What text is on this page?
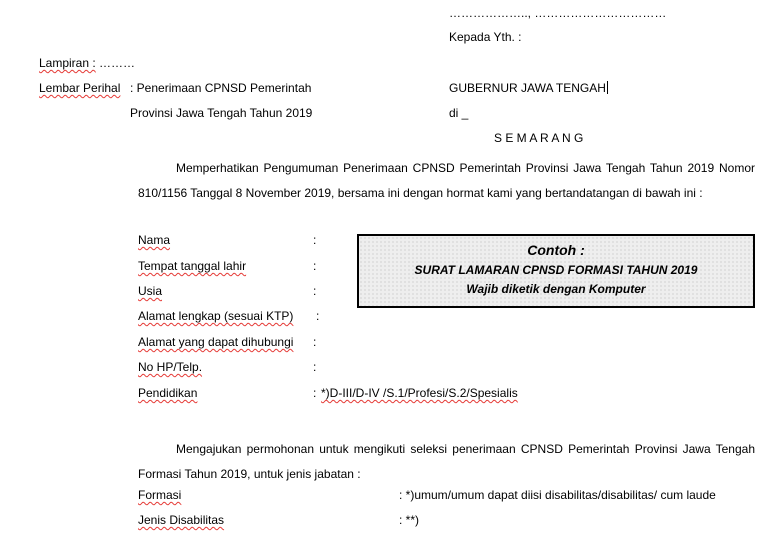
……………….., ……………………………
Kepada Yth. :
Lampiran : ………
Lembar Perihal : Penerimaan CPNSD Pemerintah
Provinsi Jawa Tengah Tahun 2019
GUBERNUR JAWA TENGAH
di _
S E M A R A N G
Memperhatikan Pengumuman Penerimaan CPNSD Pemerintah Provinsi Jawa Tengah Tahun 2019 Nomor 810/1156 Tanggal 8 November 2019, bersama ini dengan hormat kami yang bertandatangan di bawah ini :
Nama	:
Tempat tanggal lahir	:
Usia	:
Alamat lengkap (sesuai KTP) :
Alamat yang dapat dihubungi :
No HP/Telp.	:
Pendidikan	: *)D-III/D-IV /S.1/Profesi/S.2/Spesialis
Contoh :
SURAT LAMARAN CPNSD FORMASI TAHUN 2019
Wajib diketik dengan Komputer
Mengajukan permohonan untuk mengikuti seleksi penerimaan CPNSD Pemerintah Provinsi Jawa Tengah Formasi Tahun 2019, untuk jenis jabatan :
Formasi	: *)umum/umum dapat diisi disabilitas/disabilitas/ cum laude
Jenis Disabilitas	: **)
